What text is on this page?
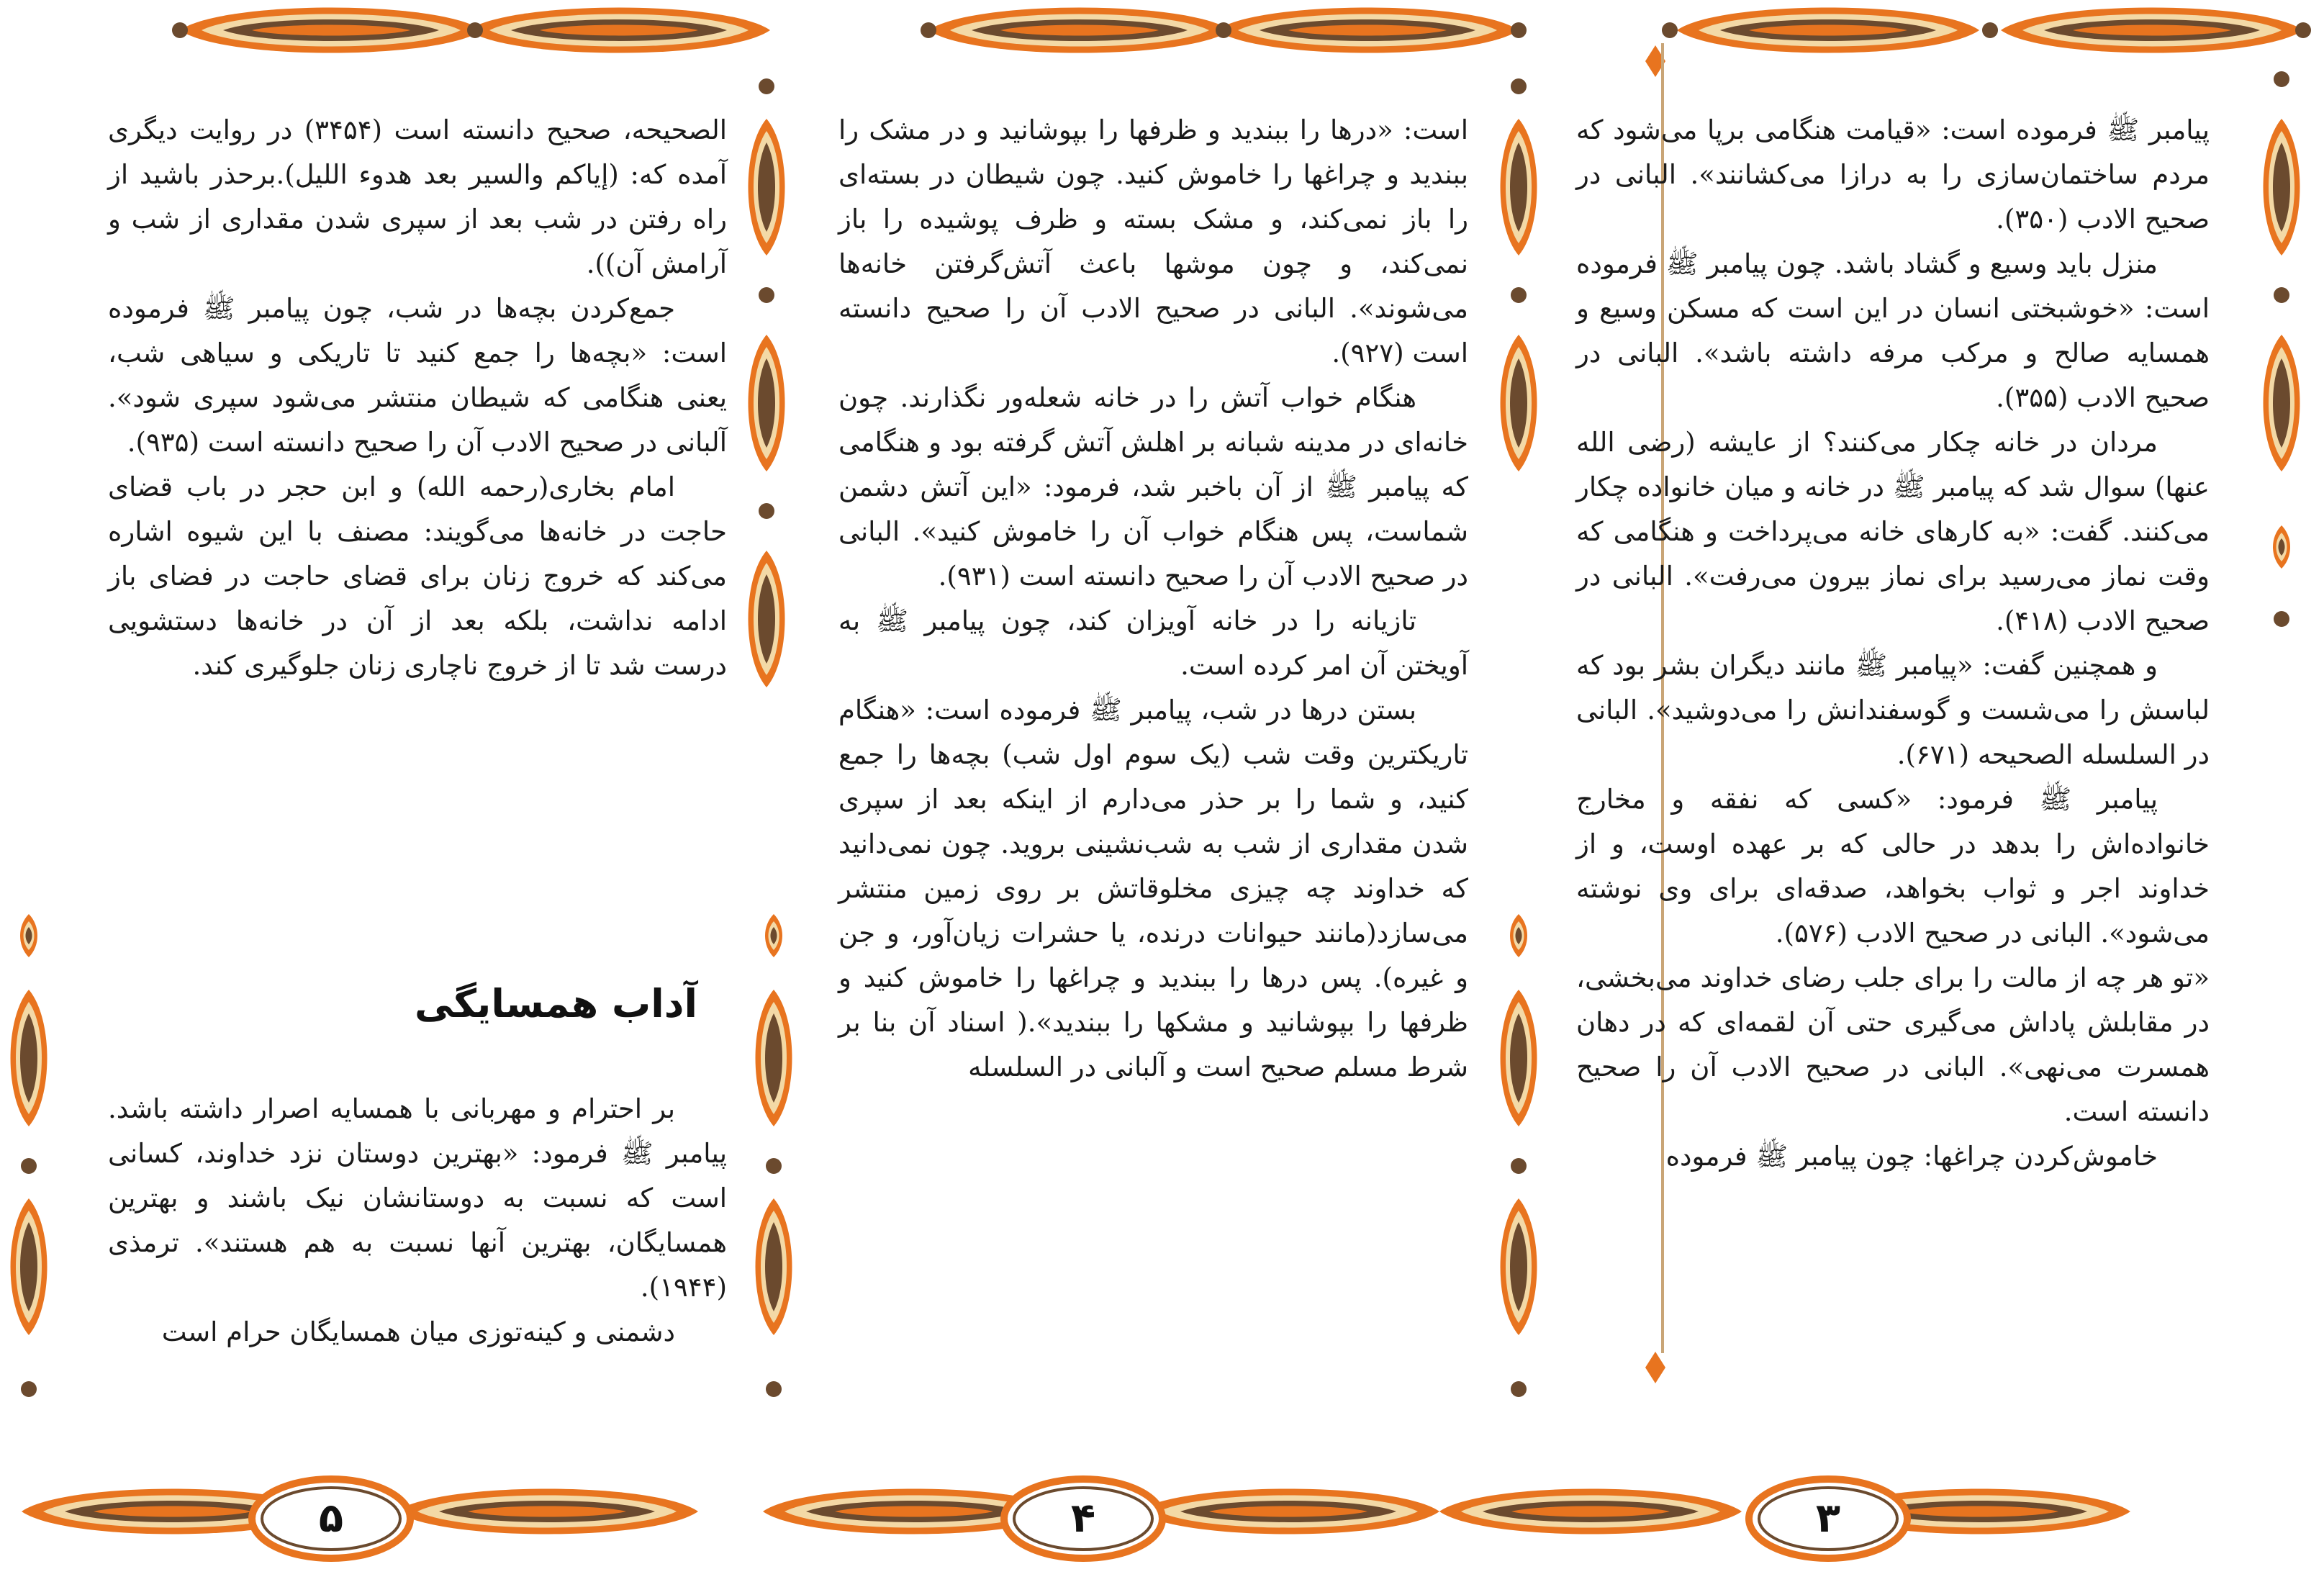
پیامبر ﷺ فرموده است: «قیامت هنگامی برپا می‌شود که مردم ساختمان‌سازی را به درازا می‌کشانند». البانی در صحیح الادب (۳۵۰).

منزل باید وسیع و گشاد باشد. چون پیامبر ﷺ فرموده است: «خوشبختی انسان در این است که مسکن وسیع و همسایه صالح و مرکب مرفه داشته باشد». البانی در صحیح الادب (۳۵۵).

مردان در خانه چکار می‌کنند؟ از عایشه (رضی الله عنها) سوال شد که پیامبر ﷺ در خانه و میان خانواده چکار می‌کنند. گفت: «به کارهای خانه می‌پرداخت و هنگامی که وقت نماز می‌رسید برای نماز بیرون می‌رفت». البانی در صحیح الادب (۴۱۸).

و همچنین گفت: «پیامبر ﷺ مانند دیگران بشر بود که لباسش را می‌شست و گوسفندانش را می‌دوشید». البانی در السلسله الصحیحه (۶۷۱).

پیامبر ﷺ فرمود: «کسی که نفقه و مخارج خانواده‌اش را بدهد در حالی که بر عهده اوست، و از خداوند اجر و ثواب بخواهد، صدقه‌ای برای وی نوشته می‌شود». البانی در صحیح الادب (۵۷۶).

«تو هر چه از مالت را برای جلب رضای خداوند می‌بخشی، در مقابلش پاداش می‌گیری حتی آن لقمه‌ای که در دهان همسرت می‌نهی». البانی در صحیح الادب آن را صحیح دانسته است.

خاموش‌کردن چراغها: چون پیامبر ﷺ فرموده

۳

است: «درها را ببندید و ظرفها را بپوشانید و در مشک را ببندید و چراغها را خاموش کنید. چون شیطان در بسته‌ای را باز نمی‌کند، و مشک بسته و ظرف پوشیده را باز نمی‌کند، و چون موشها باعث آتش‌گرفتن خانه‌ها می‌شوند». البانی در صحیح الادب آن را صحیح دانسته است (۹۲۷).

هنگام خواب آتش را در خانه شعله‌ور نگذارند. چون خانه‌ای در مدینه شبانه بر اهلش آتش گرفته بود و هنگامی که پیامبر ﷺ از آن باخبر شد، فرمود: «این آتش دشمن شماست، پس هنگام خواب آن را خاموش کنید». البانی در صحیح الادب آن را صحیح دانسته است (۹۳۱).

تازیانه را در خانه آویزان کند، چون پیامبر ﷺ به آویختن آن امر کرده است.

بستن درها در شب، پیامبر ﷺ فرموده است: «هنگام تاریکترین وقت شب (یک سوم اول شب) بچه‌ها را جمع کنید، و شما را بر حذر می‌دارم از اینکه بعد از سپری شدن مقداری از شب به شب‌نشینی بروید. چون نمی‌دانید که خداوند چه چیزی مخلوقاتش بر روی زمین منتشر می‌سازد(مانند حیوانات درنده، یا حشرات زیان‌آور، و جن و غیره). پس درها را ببندید و چراغها را خاموش کنید و ظرفها را بپوشانید و مشکها را ببندید».( اسناد آن بنا بر شرط مسلم صحیح است و آلبانی در السلسله

۴

الصحیحه، صحیح دانسته است (۳۴۵۴) در روایت دیگری آمده که: (إیاکم والسیر بعد هدوء اللیل).برحذر باشید از راه رفتن در شب بعد از سپری شدن مقداری از شب و آرامش آن)).

جمع‌کردن بچه‌ها در شب، چون پیامبر ﷺ فرموده است: «بچه‌ها را جمع کنید تا تاریکی و سیاهی شب، یعنی هنگامی که شیطان منتشر می‌شود سپری شود». آلبانی در صحیح الادب آن را صحیح دانسته است (۹۳۵).

امام بخاری(رحمه الله) و ابن حجر در باب قضای حاجت در خانه‌ها می‌گویند: مصنف با این شیوه اشاره می‌کند که خروج زنان برای قضای حاجت در فضای باز ادامه نداشت، بلکه بعد از آن در خانه‌ها دستشویی درست شد تا از خروج ناچاری زنان جلوگیری کند.

آداب همسایگی

بر احترام و مهربانی با همسایه اصرار داشته باشد. پیامبر ﷺ فرمود: «بهترین دوستان نزد خداوند، کسانی است که نسبت به دوستانشان نیک باشند و بهترین همسایگان، بهترین آنها نسبت به هم هستند». ترمذی (۱۹۴۴).

دشمنی و کینه‌توزی میان همسایگان حرام است

۵
